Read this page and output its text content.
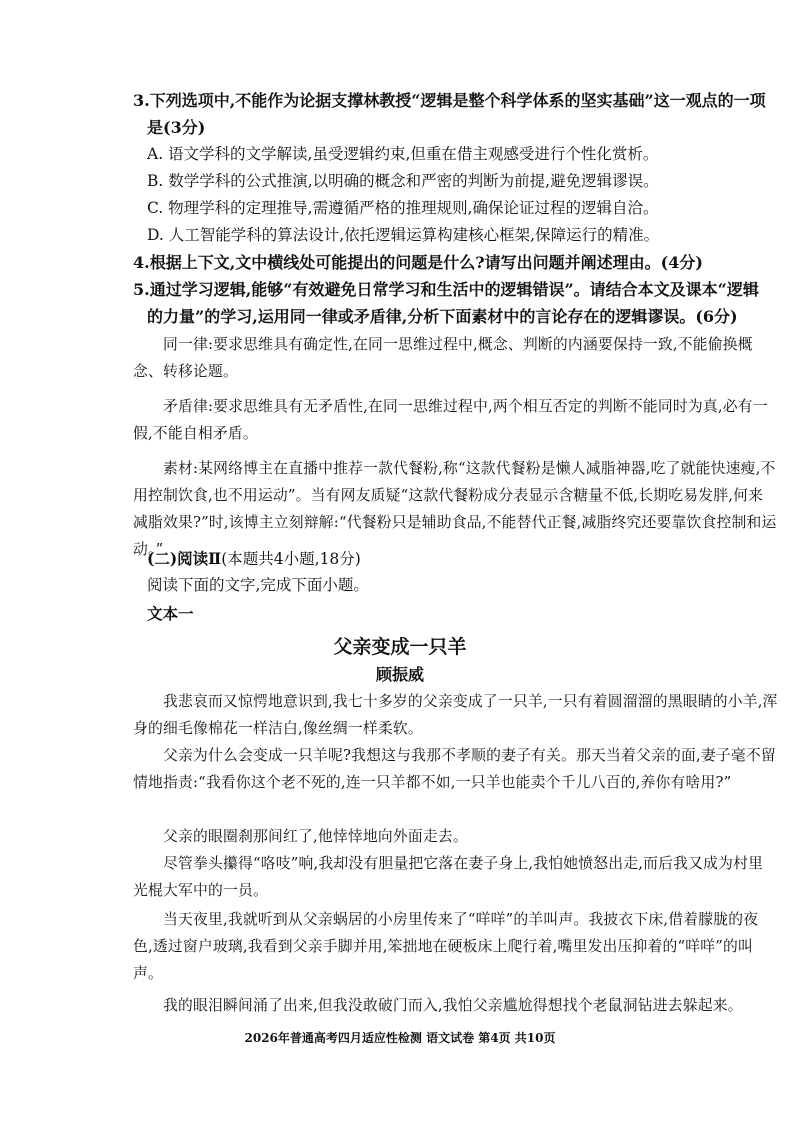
3.下列选项中,不能作为论据支撑林教授“逻辑是整个科学体系的坚实基础”这一观点的一项

是(3分)

A. 语文学科的文学解读,虽受逻辑约束,但重在借主观感受进行个性化赏析。

B. 数学学科的公式推演,以明确的概念和严密的判断为前提,避免逻辑谬误。

C. 物理学科的定理推导,需遵循严格的推理规则,确保论证过程的逻辑自洽。

D. 人工智能学科的算法设计,依托逻辑运算构建核心框架,保障运行的精准。

4.根据上下文,文中横线处可能提出的问题是什么?请写出问题并阐述理由。(4分)

5.通过学习逻辑,能够“有效避免日常学习和生活中的逻辑错误”。请结合本文及课本“逻辑

的力量”的学习,运用同一律或矛盾律,分析下面素材中的言论存在的逻辑谬误。(6分)

同一律:要求思维具有确定性,在同一思维过程中,概念、判断的内涵要保持一致,不能偷换概念、转移论题。

矛盾律:要求思维具有无矛盾性,在同一思维过程中,两个相互否定的判断不能同时为真,必有一假,不能自相矛盾。

素材:某网络博主在直播中推荐一款代餐粉,称“这款代餐粉是懒人减脂神器,吃了就能快速瘦,不用控制饮食,也不用运动”。当有网友质疑“这款代餐粉成分表显示含糖量不低,长期吃易发胖,何来减脂效果?”时,该博主立刻辩解:“代餐粉只是辅助食品,不能替代正餐,减脂终究还要靠饮食控制和运动。”

(二)阅读Ⅱ(本题共4小题,18分)

阅读下面的文字,完成下面小题。

文本一

父亲变成一只羊

顾振威

我悲哀而又惊愕地意识到,我七十多岁的父亲变成了一只羊,一只有着圆溜溜的黑眼睛的小羊,浑身的细毛像棉花一样洁白,像丝绸一样柔软。

父亲为什么会变成一只羊呢?我想这与我那不孝顺的妻子有关。那天当着父亲的面,妻子毫不留情地指责:“我看你这个老不死的,连一只羊都不如,一只羊也能卖个千儿八百的,养你有啥用?”

父亲的眼圈刹那间红了,他悻悻地向外面走去。

尽管拳头攥得“咯吱”响,我却没有胆量把它落在妻子身上,我怕她愤怒出走,而后我又成为村里光棍大军中的一员。

当天夜里,我就听到从父亲蜗居的小房里传来了“咩咩”的羊叫声。我披衣下床,借着朦胧的夜色,透过窗户玻璃,我看到父亲手脚并用,笨拙地在硬板床上爬行着,嘴里发出压抑着的“咩咩”的叫声。

我的眼泪瞬间涌了出来,但我没敢破门而入,我怕父亲尴尬得想找个老鼠洞钻进去躲起来。

2026年普通高考四月适应性检测 语文试卷 第4页 共10页
